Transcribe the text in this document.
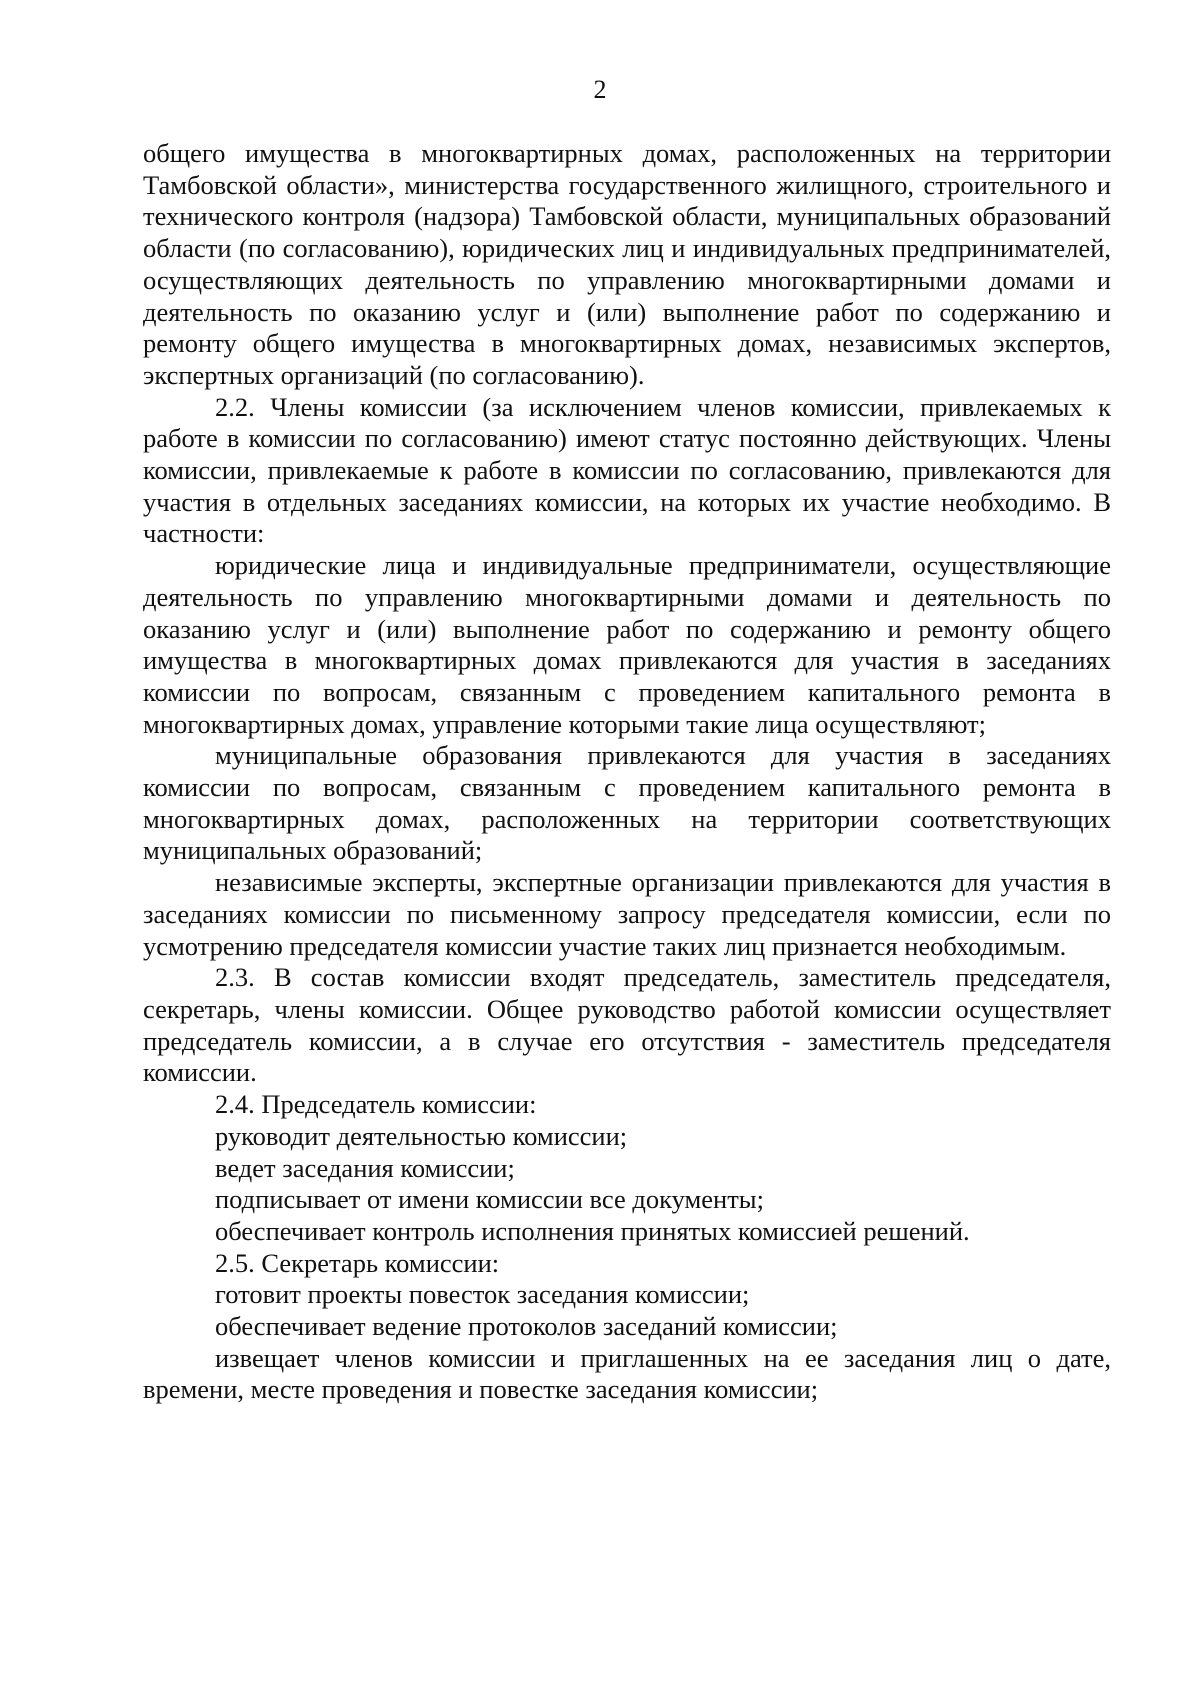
2

общего имущества в многоквартирных домах, расположенных на территории Тамбовской области», министерства государственного жилищного, строительного и технического контроля (надзора) Тамбовской области, муниципальных образований области (по согласованию), юридических лиц и индивидуальных предпринимателей, осуществляющих деятельность по управлению многоквартирными домами и деятельность по оказанию услуг и (или) выполнение работ по содержанию и ремонту общего имущества в многоквартирных домах, независимых экспертов, экспертных организаций (по согласованию).

2.2. Члены комиссии (за исключением членов комиссии, привлекаемых к работе в комиссии по согласованию) имеют статус постоянно действующих. Члены комиссии, привлекаемые к работе в комиссии по согласованию, привлекаются для участия в отдельных заседаниях комиссии, на которых их участие необходимо. В частности:

юридические лица и индивидуальные предприниматели, осуществляющие деятельность по управлению многоквартирными домами и деятельность по оказанию услуг и (или) выполнение работ по содержанию и ремонту общего имущества в многоквартирных домах привлекаются для участия в заседаниях комиссии по вопросам, связанным с проведением капитального ремонта в многоквартирных домах, управление которыми такие лица осуществляют;

муниципальные образования привлекаются для участия в заседаниях комиссии по вопросам, связанным с проведением капитального ремонта в многоквартирных домах, расположенных на территории соответствующих муниципальных образований;

независимые эксперты, экспертные организации привлекаются для участия в заседаниях комиссии по письменному запросу председателя комиссии, если по усмотрению председателя комиссии участие таких лиц признается необходимым.

2.3. В состав комиссии входят председатель, заместитель председателя, секретарь, члены комиссии. Общее руководство работой комиссии осуществляет председатель комиссии, а в случае его отсутствия - заместитель председателя комиссии.

2.4. Председатель комиссии:

руководит деятельностью комиссии;

ведет заседания комиссии;

подписывает от имени комиссии все документы;

обеспечивает контроль исполнения принятых комиссией решений.

2.5. Секретарь комиссии:

готовит проекты повесток заседания комиссии;

обеспечивает ведение протоколов заседаний комиссии;

извещает членов комиссии и приглашенных на ее заседания лиц о дате, времени, месте проведения и повестке заседания комиссии;
